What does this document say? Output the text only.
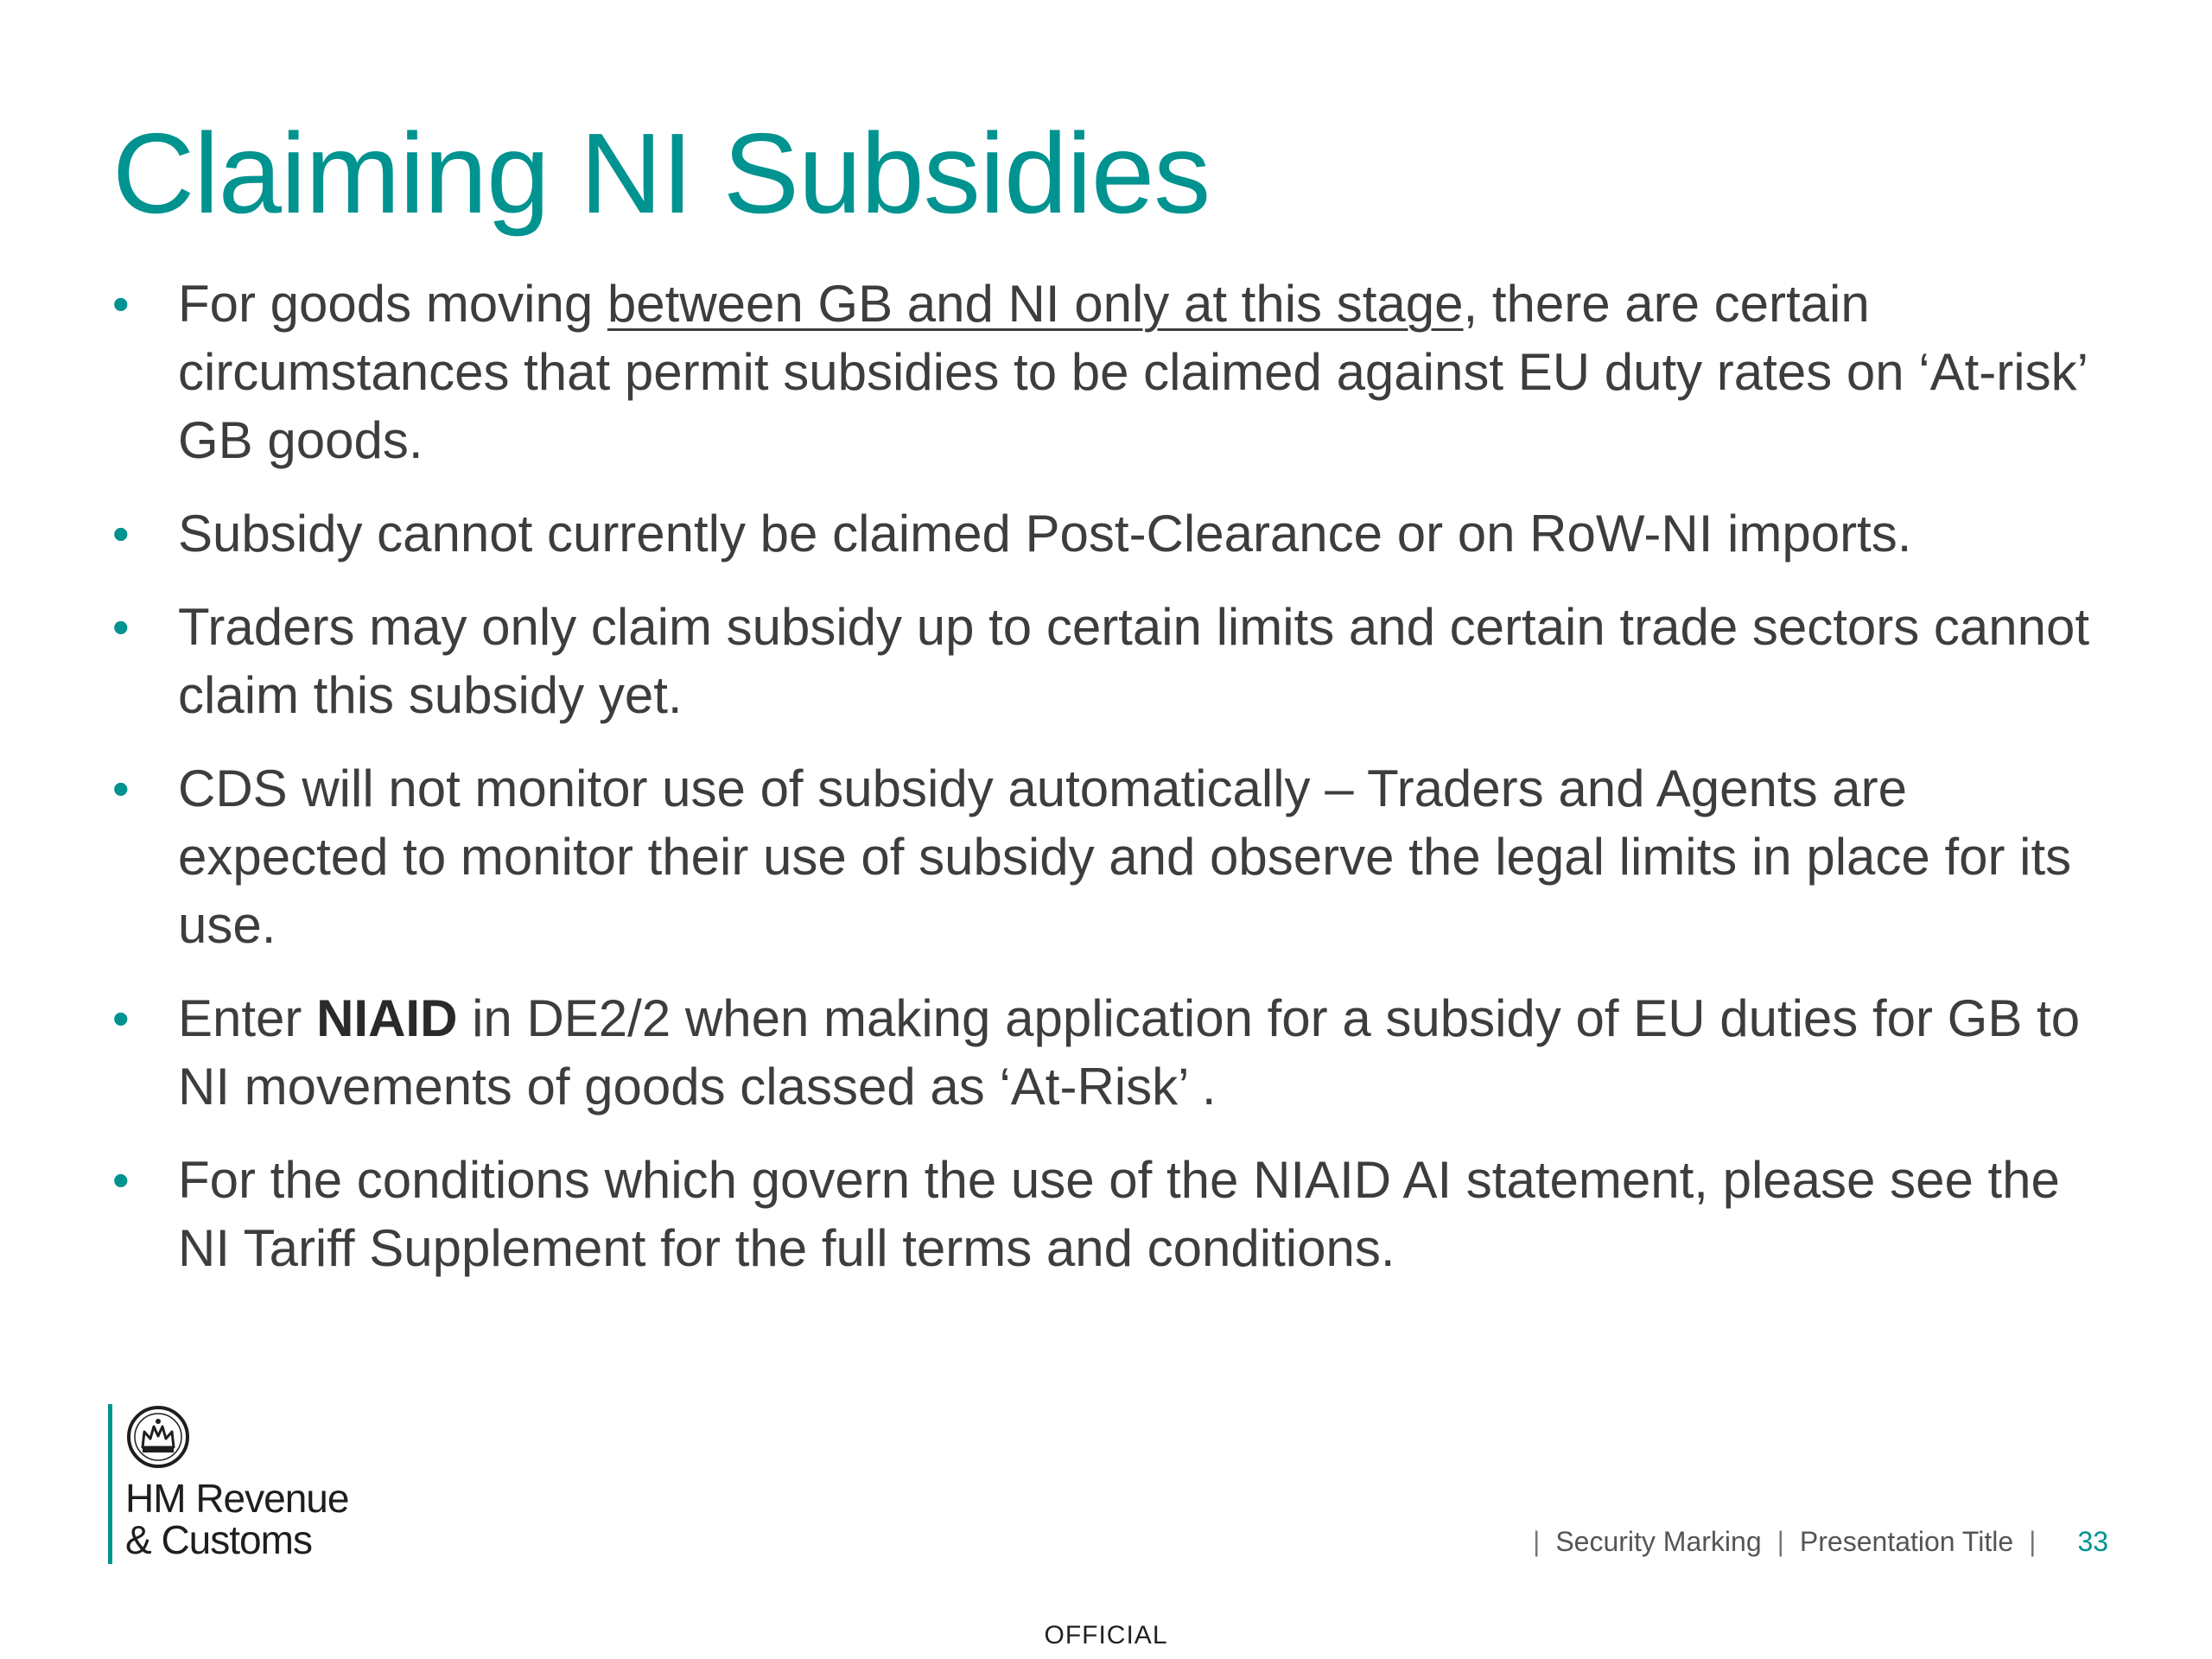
Claiming NI Subsidies
• For goods moving between GB and NI only at this stage, there are certain circumstances that permit subsidies to be claimed against EU duty rates on ‘At-risk’ GB goods.
• Subsidy cannot currently be claimed Post-Clearance or on RoW-NI imports.
• Traders may only claim subsidy up to certain limits and certain trade sectors cannot claim this subsidy yet.
• CDS will not monitor use of subsidy automatically – Traders and Agents are expected to monitor their use of subsidy and observe the legal limits in place for its use.
• Enter NIAID in DE2/2 when making application for a subsidy of EU duties for GB to NI movements of goods classed as ‘At-Risk’ .
• For the conditions which govern the use of the NIAID AI statement, please see the NI Tariff Supplement for the full terms and conditions.
HM Revenue
& Customs	| Security Marking | Presentation Title | 33
OFFICIAL
